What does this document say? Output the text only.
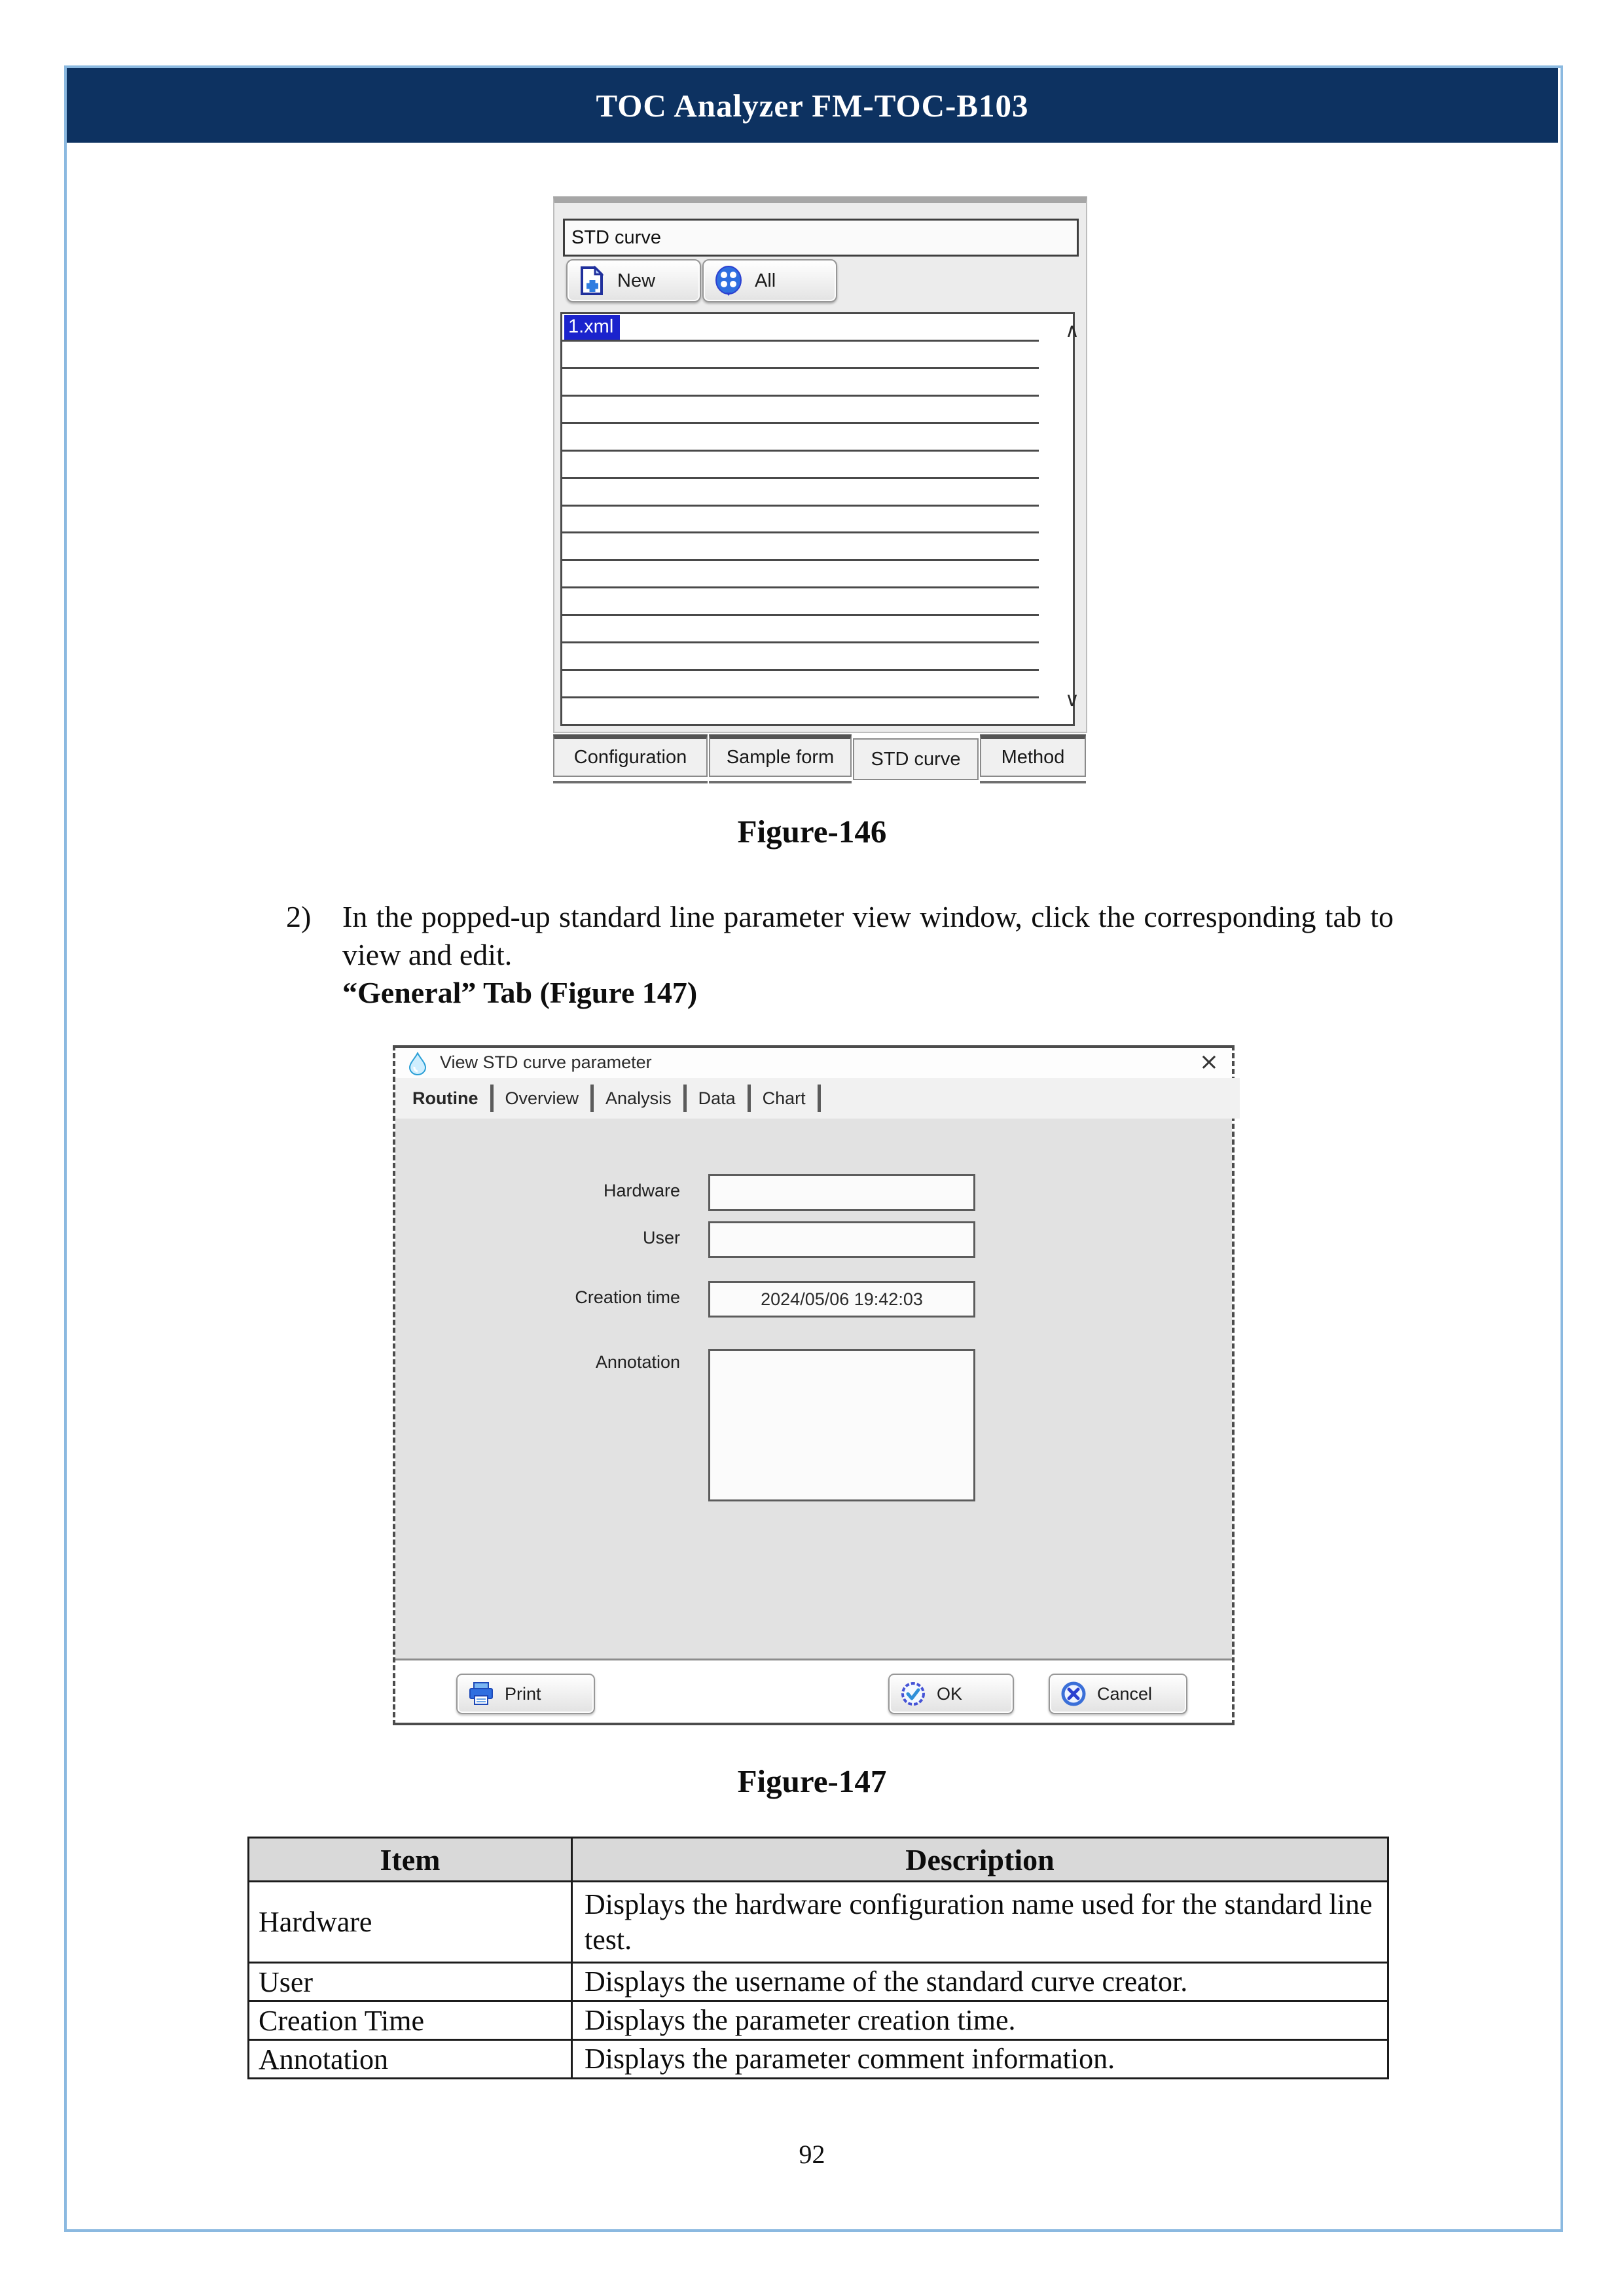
TOC Analyzer FM-TOC-B103
STD curve
New	All
1.xml	∧
∨
Configuration Sample form STD curve Method
Figure-146
2) In the popped-up standard line parameter view window, click the corresponding tab to view and edit.
“General” Tab (Figure 147)
View STD curve parameter	×
Routine	Overview	Analysis	Data	Chart
Hardware
User
Creation time	2024/05/06 19:42:03
Annotation
Print	OK	Cancel
Figure-147
Item	Description
Hardware	Displays the hardware configuration name used for the standard line test.
User	Displays the username of the standard curve creator.
Creation Time	Displays the parameter creation time.
Annotation	Displays the parameter comment information.
92
